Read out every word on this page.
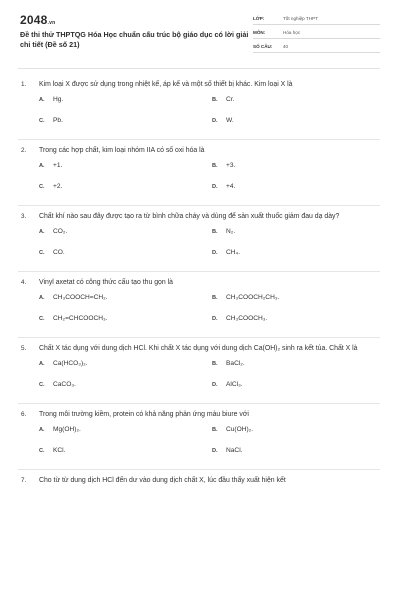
2048.vn
Đề thi thử THPTQG Hóa Học chuẩn cấu trúc bộ giáo dục có lời giải chi tiết (Đề số 21)
LỚP:	Tốt nghiệp THPT
MÔN:	Hóa học
SỐ CÂU:	40
1. Kim loại X được sử dụng trong nhiệt kế, áp kế và một số thiết bị khác. Kim loại X là
A. Hg.	B. Cr.
C. Pb.	D. W.
2. Trong các hợp chất, kim loại nhóm IIA có số oxi hóa là
A. +1.	B. +3.
C. +2.	D. +4.
3. Chất khí nào sau đây được tạo ra từ bình chữa cháy và dùng để sản xuất thuốc giảm đau dạ dày?
A. CO₂.	B. N₂.
C. CO.	D. CH₄.
4. Vinyl axetat có công thức cấu tạo thu gọn là
A. CH₃COOCH=CH₂.	B. CH₃COOCH₂CH₃.
C. CH₂=CHCOOCH₃.	D. CH₃COOCH₃.
5. Chất X tác dụng với dung dịch HCl. Khi chất X tác dụng với dung dịch Ca(OH)₂ sinh ra kết tủa. Chất X là
A. Ca(HCO₃)₂.	B. BaCl₂.
C. CaCO₃.	D. AlCl₃.
6. Trong môi trường kiềm, protein có khả năng phản ứng màu biure với
A. Mg(OH)₂.	B. Cu(OH)₂.
C. KCl.	D. NaCl.
7. Cho từ từ dung dịch HCl đến dư vào dung dịch chất X, lúc đầu thấy xuất hiện kết
